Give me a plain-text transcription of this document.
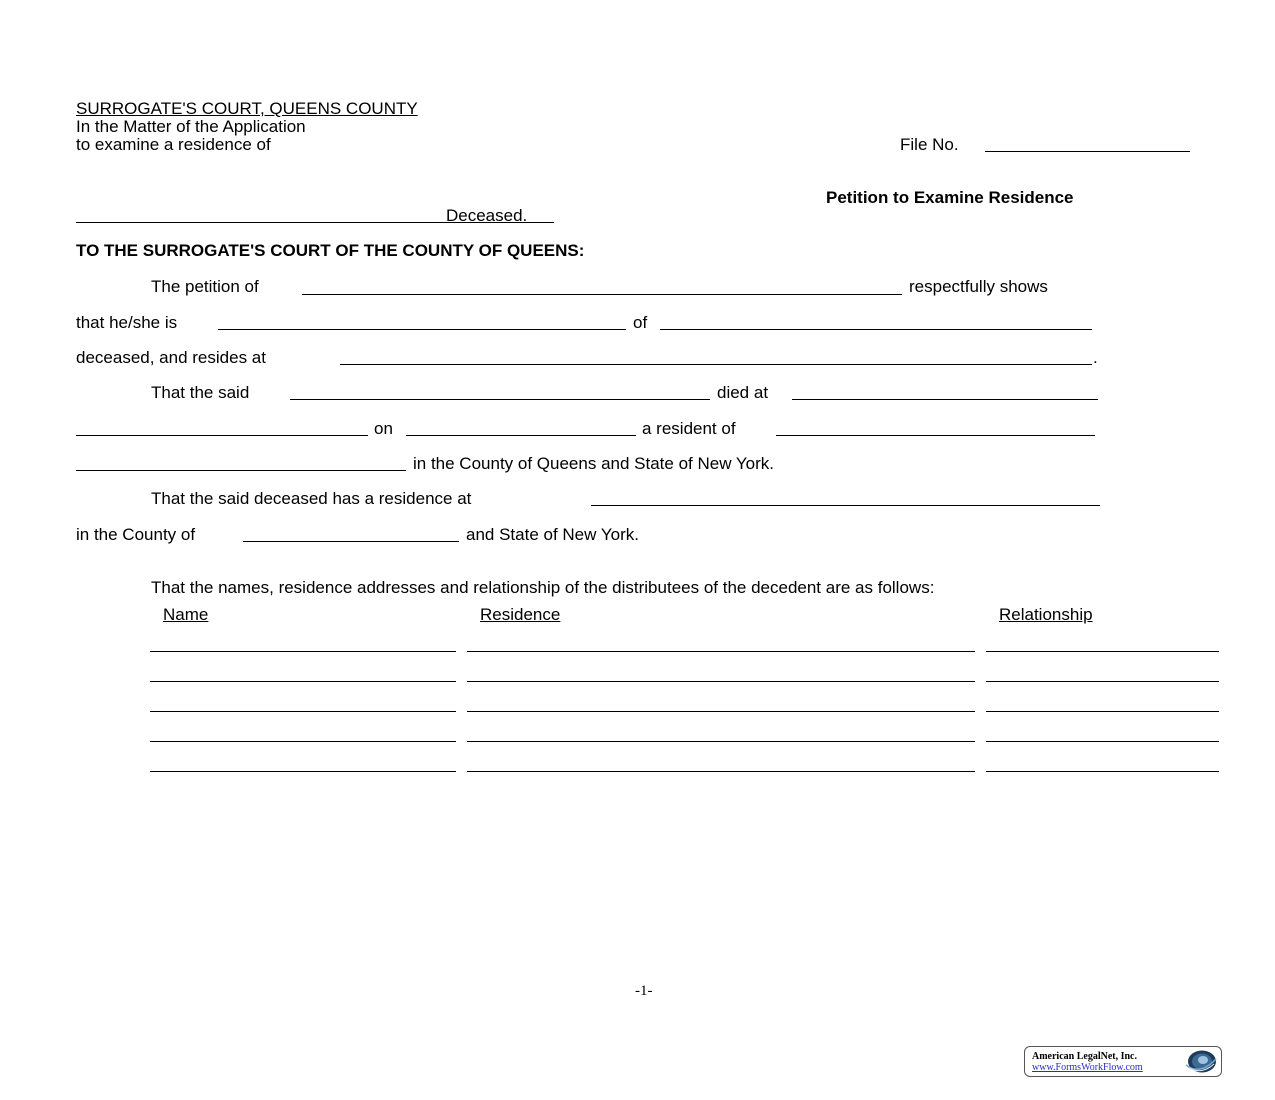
SURROGATE'S COURT, QUEENS COUNTY
In the Matter of the Application
to examine a residence of	File No.
Petition to Examine Residence
Deceased.
TO THE SURROGATE'S COURT OF THE COUNTY OF QUEENS:
The petition of	respectfully shows
that he/she is	of
deceased, and resides at	.
That the said	died at
on	a resident of
in the County of Queens and State of New York.
That the said deceased has a residence at
in the County of	and State of New York.
That the names, residence addresses and relationship of the distributees of the decedent are as follows:
Name	Residence	Relationship
-1-
American LegalNet, Inc.
www.FormsWorkFlow.com
